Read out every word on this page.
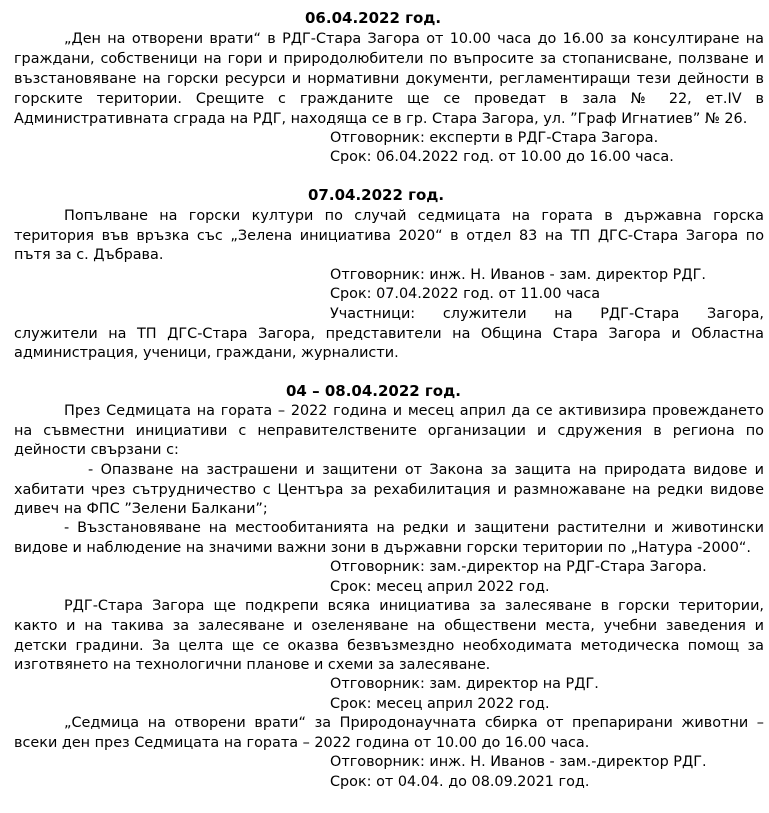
06.04.2022 год.
„Ден на отворени врати“ в РДГ-Стара Загора от 10.00 часа до 16.00 за консултиране на
граждани, собственици на гори и природолюбители по въпросите за стопанисване, ползване и
възстановяване на горски ресурси и нормативни документи, регламентиращи тези дейности в
горските територии. Срещите с гражданите ще се проведат в зала № 22, ет.IV в
Административната сграда на РДГ, находяща се в гр. Стара Загора, ул. ”Граф Игнатиев” № 26.
Отговорник: експерти в РДГ-Стара Загора.
Срок: 06.04.2022 год. от 10.00 до 16.00 часа.
07.04.2022 год.
Попълване на горски култури по случай седмицата на гората в държавна горска
територия във връзка със „Зелена инициатива 2020“ в отдел 83 на ТП ДГС-Стара Загора по
пътя за с. Дъбрава.
Отговорник: инж. Н. Иванов - зам. директор РДГ.
Срок: 07.04.2022 год. от 11.00 часа
Участници: служители на РДГ-Стара Загора,
служители на ТП ДГС-Стара Загора, представители на Община Стара Загора и Областна
администрация, ученици, граждани, журналисти.
04 – 08.04.2022 год.
През Седмицата на гората – 2022 година и месец април да се активизира провеждането
на съвместни инициативи с неправителствените организации и сдружения в региона по
дейности свързани с:
- Опазване на застрашени и защитени от Закона за защита на природата видове и
хабитати чрез сътрудничество с Центъра за рехабилитация и размножаване на редки видове
дивеч на ФПС ”Зелени Балкани”;
- Възстановяване на местообитанията на редки и защитени растителни и животински
видове и наблюдение на значими важни зони в държавни горски територии по „Натура -2000“.
Отговорник: зам.-директор на РДГ-Стара Загора.
Срок: месец април 2022 год.
РДГ-Стара Загора ще подкрепи всяка инициатива за залесяване в горски територии,
както и на такива за залесяване и озеленяване на обществени места, учебни заведения и
детски градини. За целта ще се оказва безвъзмездно необходимата методическа помощ за
изготвянето на технологични планове и схеми за залесяване.
Отговорник: зам. директор на РДГ.
Срок: месец април 2022 год.
„Седмица на отворени врати“ за Природонаучната сбирка от препарирани животни –
всеки ден през Седмицата на гората – 2022 година от 10.00 до 16.00 часа.
Отговорник: инж. Н. Иванов - зам.-директор РДГ.
Срок: от 04.04. до 08.09.2021 год.
